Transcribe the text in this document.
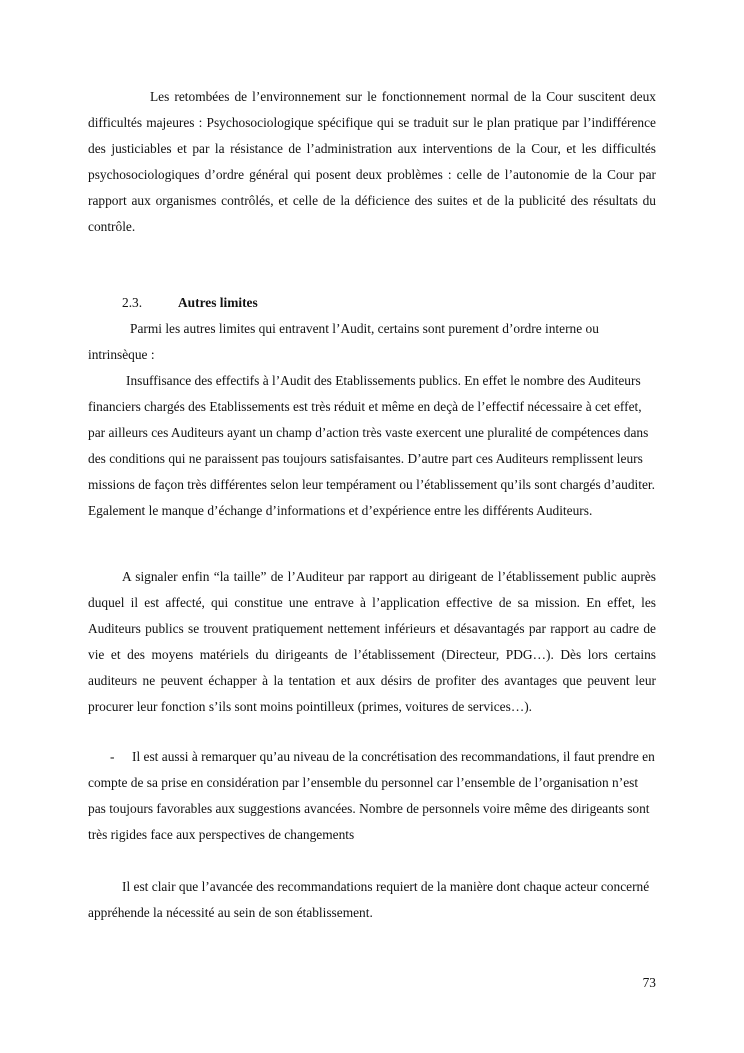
Les retombées de l’environnement sur le fonctionnement normal de la Cour suscitent deux difficultés majeures : Psychosociologique spécifique qui se traduit sur le plan pratique par l’indifférence des justiciables et par la résistance de l’administration aux interventions de la Cour, et les difficultés psychosociologiques d’ordre général qui posent deux problèmes : celle de l’autonomie de la Cour par rapport aux organismes contrôlés, et celle de la déficience des suites et de la publicité des résultats du contrôle.

2.3.	Autres limites

Parmi les autres limites qui entravent l’Audit, certains sont purement d’ordre interne ou intrinsèque :

Insuffisance des effectifs à l’Audit des Etablissements publics. En effet le nombre des Auditeurs financiers chargés des Etablissements est très réduit et même en deçà de l’effectif nécessaire à cet effet, par ailleurs ces Auditeurs ayant un champ d’action très vaste exercent une pluralité de compétences dans des conditions qui ne paraissent pas toujours satisfaisantes. D’autre part ces Auditeurs remplissent leurs missions de façon très différentes selon leur tempérament ou l’établissement qu’ils sont chargés d’auditer. Egalement le manque d’échange d’informations et d’expérience entre les différents Auditeurs.

A signaler enfin “la taille” de l’Auditeur par rapport au dirigeant de l’établissement public auprès duquel il est affecté, qui constitue une entrave à l’application effective de sa mission. En effet, les Auditeurs publics se trouvent pratiquement nettement inférieurs et désavantagés par rapport au cadre de vie et des moyens matériels du dirigeants de l’établissement (Directeur, PDG…). Dès lors certains auditeurs ne peuvent échapper à la tentation et aux désirs de profiter des avantages que peuvent leur procurer leur fonction s’ils sont moins pointilleux (primes, voitures de services…).

- Il est aussi à remarquer qu’au niveau de la concrétisation des recommandations, il faut prendre en compte de sa prise en considération par l’ensemble du personnel car l’ensemble de l’organisation n’est pas toujours favorables aux suggestions avancées. Nombre de personnels voire même des dirigeants sont très rigides face aux perspectives de changements

Il est clair que l’avancée des recommandations requiert de la manière dont chaque acteur concerné appréhende la nécessité au sein de son établissement.

73
